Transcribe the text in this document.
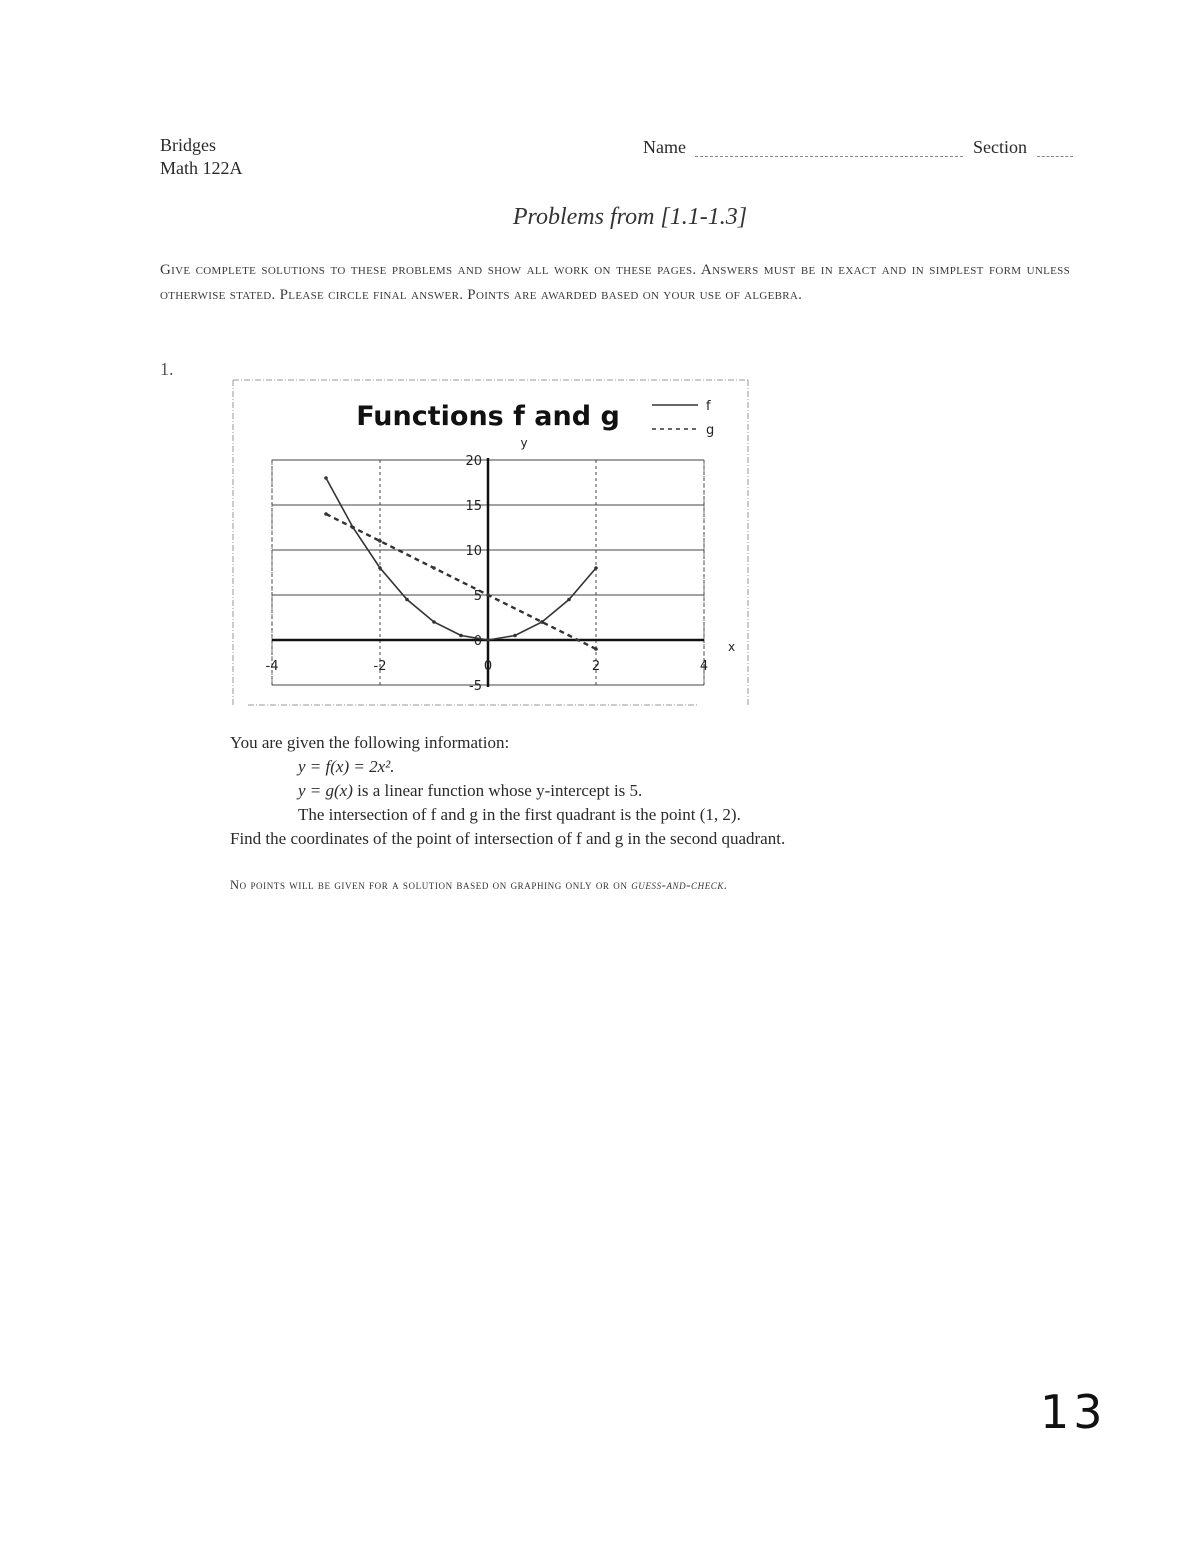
Bridges
Math 122A
Name	Section
Problems from [1.1-1.3]
Give complete solutions to these problems and show all work on these pages. Answers must be in exact and in simplest form unless otherwise stated. Please circle final answer. Points are awarded based on your use of algebra.
1.
Functions f and g	f
g
20
15
10
5
0
-5
-4	-2	0	2	4
x
y
You are given the following information:
y = f(x) = 2x².
y = g(x) is a linear function whose y-intercept is 5.
The intersection of f and g in the first quadrant is the point (1, 2).
Find the coordinates of the point of intersection of f and g in the second quadrant.
No points will be given for a solution based on graphing only or on guess-and-check.
13
